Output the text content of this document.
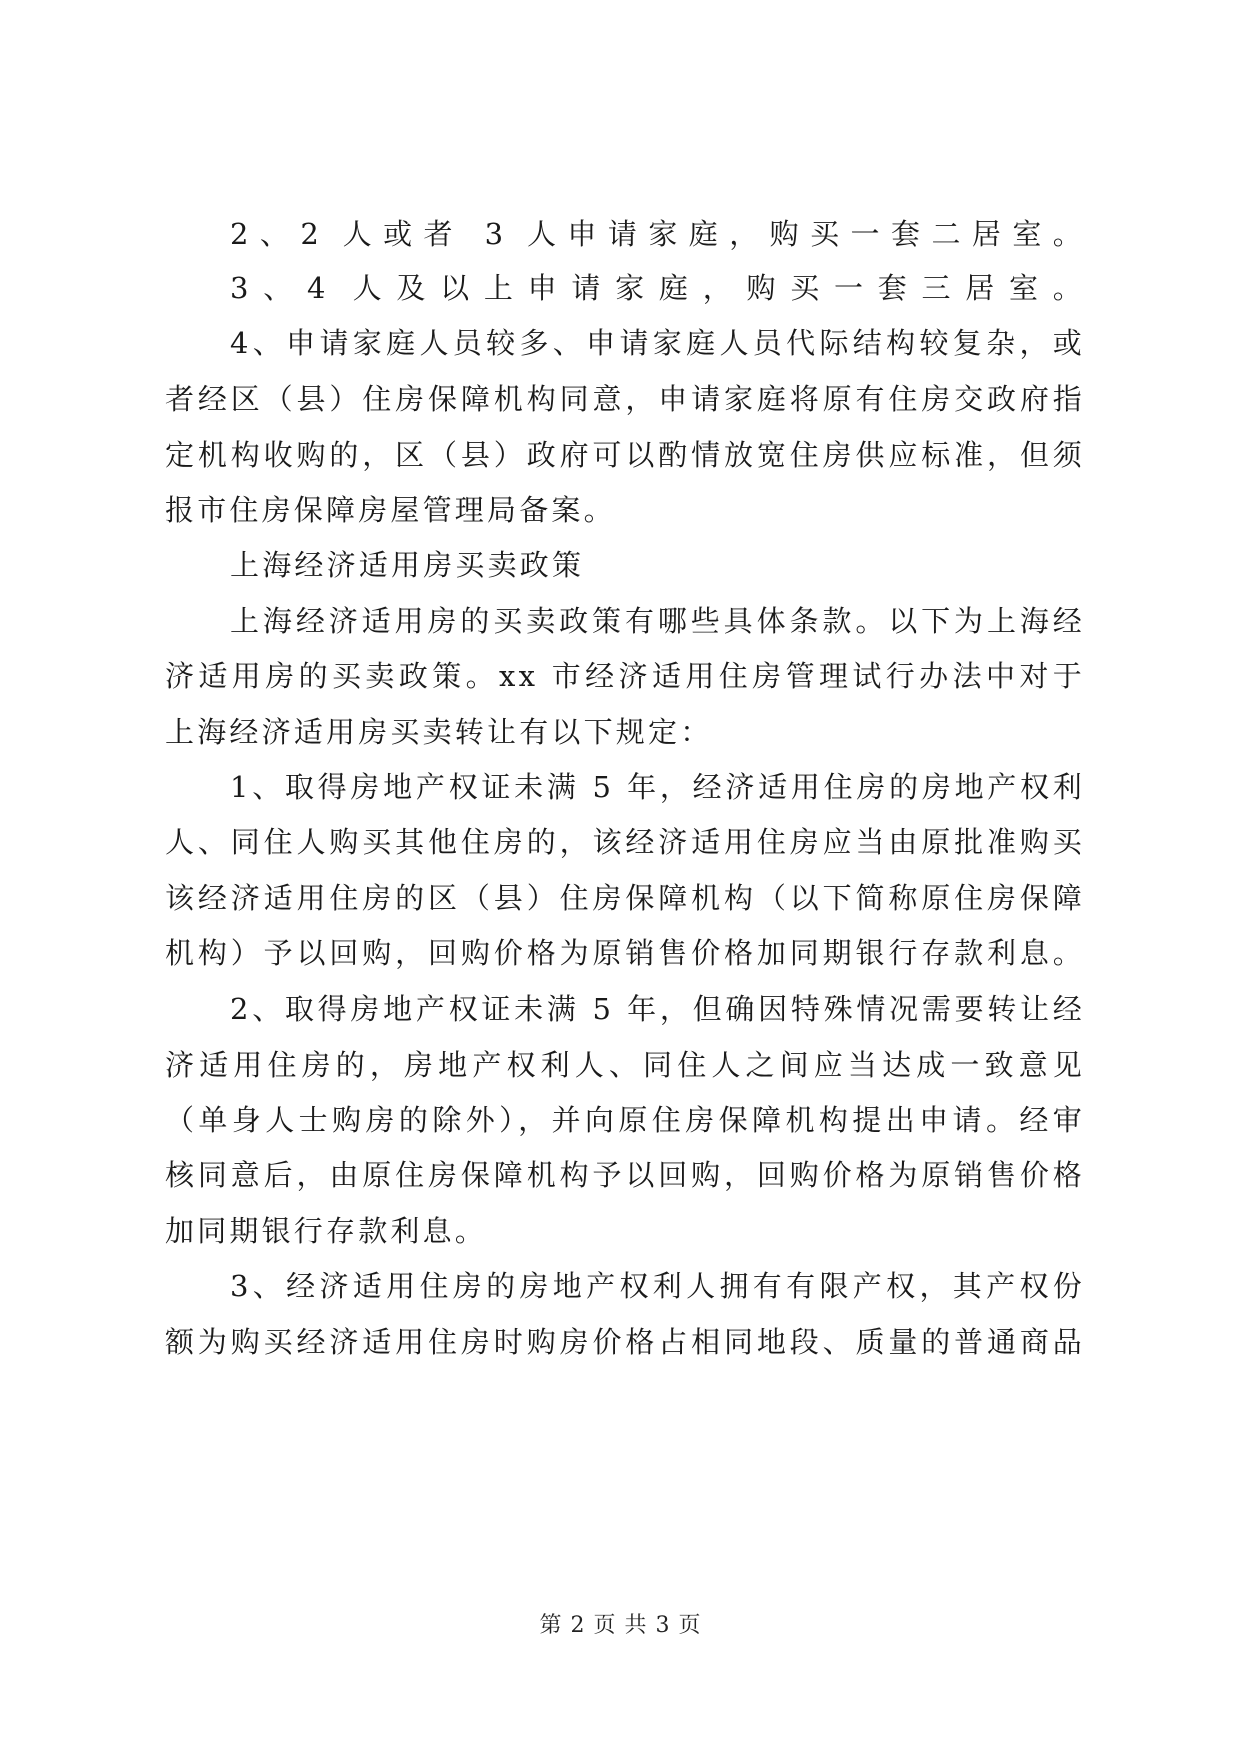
2、2 人或者 3 人申请家庭，购买一套二居室。
3、4 人及以上申请家庭，购买一套三居室。
4、申请家庭人员较多、申请家庭人员代际结构较复杂，或
者经区（县）住房保障机构同意，申请家庭将原有住房交政府指
定机构收购的，区（县）政府可以酌情放宽住房供应标准，但须
报市住房保障房屋管理局备案。
上海经济适用房买卖政策
上海经济适用房的买卖政策有哪些具体条款。以下为上海经
济适用房的买卖政策。xx 市经济适用住房管理试行办法中对于
上海经济适用房买卖转让有以下规定：
1、取得房地产权证未满 5 年，经济适用住房的房地产权利
人、同住人购买其他住房的，该经济适用住房应当由原批准购买
该经济适用住房的区（县）住房保障机构（以下简称原住房保障
机构）予以回购，回购价格为原销售价格加同期银行存款利息。
2、取得房地产权证未满 5 年，但确因特殊情况需要转让经
济适用住房的，房地产权利人、同住人之间应当达成一致意见
（单身人士购房的除外），并向原住房保障机构提出申请。经审
核同意后，由原住房保障机构予以回购，回购价格为原销售价格
加同期银行存款利息。
3、经济适用住房的房地产权利人拥有有限产权，其产权份
额为购买经济适用住房时购房价格占相同地段、质量的普通商品
第 2 页 共 3 页
